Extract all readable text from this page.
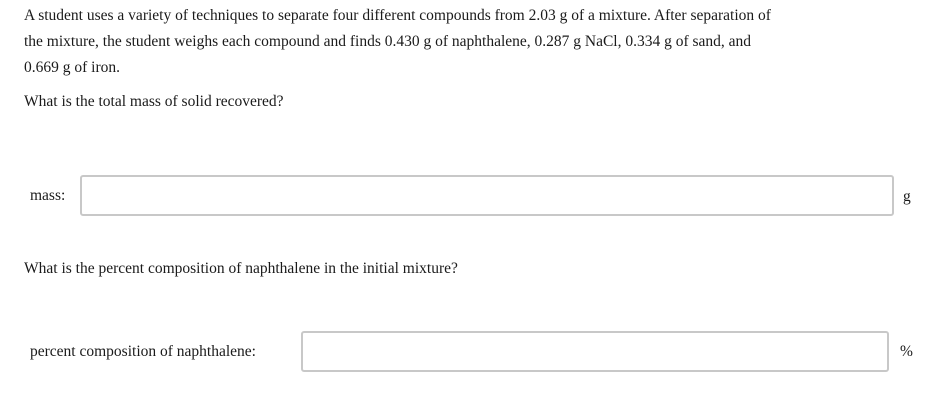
A student uses a variety of techniques to separate four different compounds from 2.03 g of a mixture. After separation of
the mixture, the student weighs each compound and finds 0.430 g of naphthalene, 0.287 g NaCl, 0.334 g of sand, and
0.669 g of iron.

What is the total mass of solid recovered?

mass:	g

What is the percent composition of naphthalene in the initial mixture?

percent composition of naphthalene:	%
